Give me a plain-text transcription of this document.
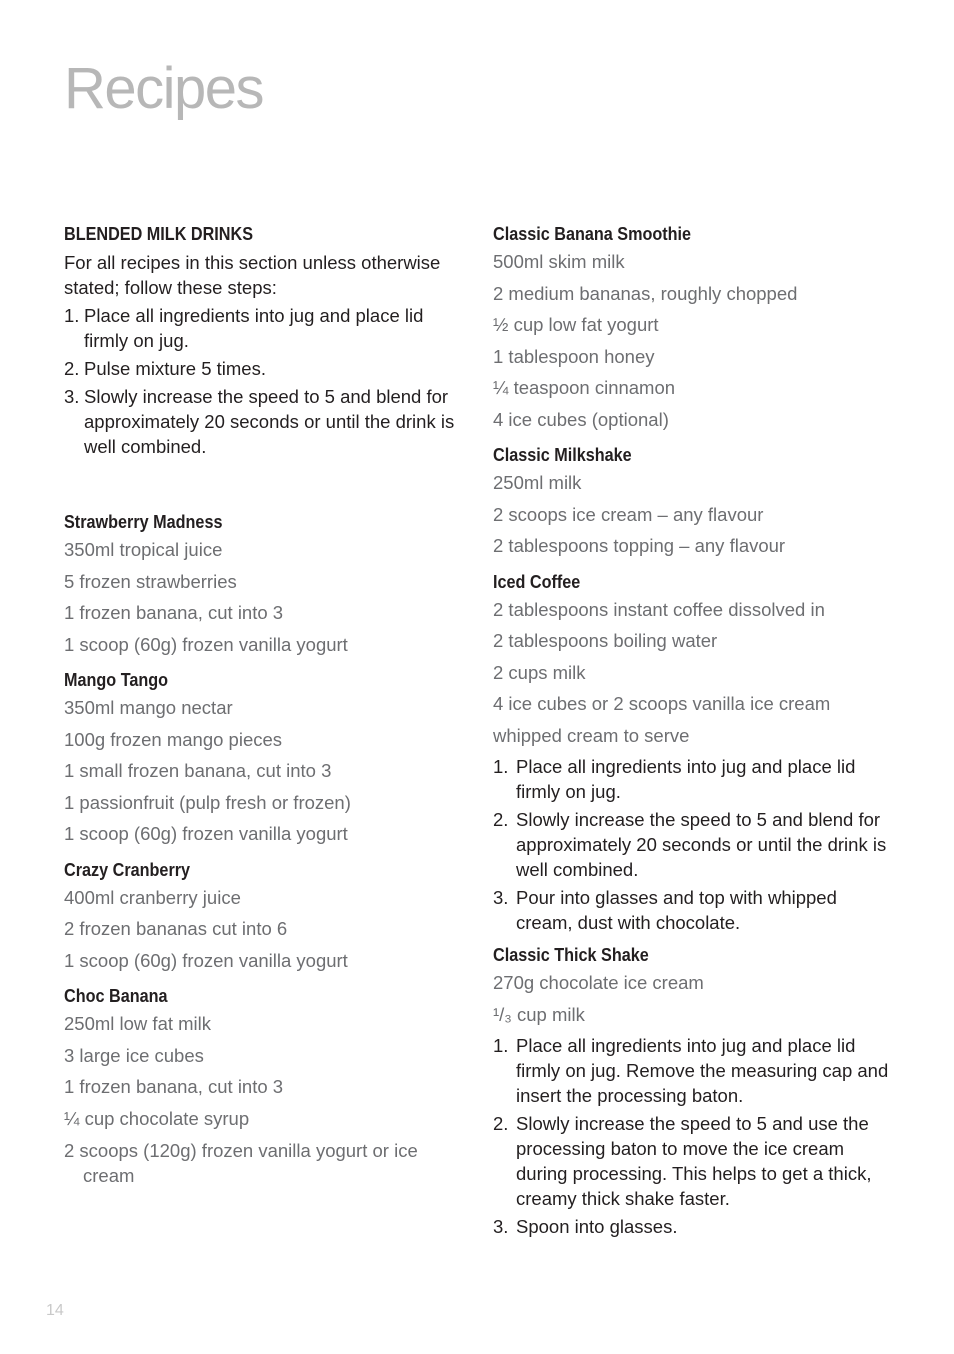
Recipes
BLENDED MILK DRINKS
For all recipes in this section unless otherwise stated; follow these steps:
1. Place all ingredients into jug and place lid firmly on jug.
2. Pulse mixture 5 times.
3. Slowly increase the speed to 5 and blend for approximately 20 seconds or until the drink is well combined.
Strawberry Madness
350ml tropical juice
5 frozen strawberries
1 frozen banana, cut into 3
1 scoop (60g) frozen vanilla yogurt
Mango Tango
350ml mango nectar
100g frozen mango pieces
1 small frozen banana, cut into 3
1 passionfruit (pulp fresh or frozen)
1 scoop (60g) frozen vanilla yogurt
Crazy Cranberry
400ml cranberry juice
2 frozen bananas cut into 6
1 scoop (60g) frozen vanilla yogurt
Choc Banana
250ml low fat milk
3 large ice cubes
1 frozen banana, cut into 3
¼ cup chocolate syrup
2 scoops (120g) frozen vanilla yogurt or ice cream
Classic Banana Smoothie
500ml skim milk
2 medium bananas, roughly chopped
½ cup low fat yogurt
1 tablespoon honey
¼ teaspoon cinnamon
4 ice cubes (optional)
Classic Milkshake
250ml milk
2 scoops ice cream – any flavour
2 tablespoons topping – any flavour
Iced Coffee
2 tablespoons instant coffee dissolved in
2 tablespoons boiling water
2 cups milk
4 ice cubes or 2 scoops vanilla ice cream
whipped cream to serve
1. Place all ingredients into jug and place lid firmly on jug.
2. Slowly increase the speed to 5 and blend for approximately 20 seconds or until the drink is well combined.
3. Pour into glasses and top with whipped cream, dust with chocolate.
Classic Thick Shake
270g chocolate ice cream
¹/₃ cup milk
1. Place all ingredients into jug and place lid firmly on jug. Remove the measuring cap and insert the processing baton.
2. Slowly increase the speed to 5 and use the processing baton to move the ice cream during processing. This helps to get a thick, creamy thick shake faster.
3. Spoon into glasses.
14
